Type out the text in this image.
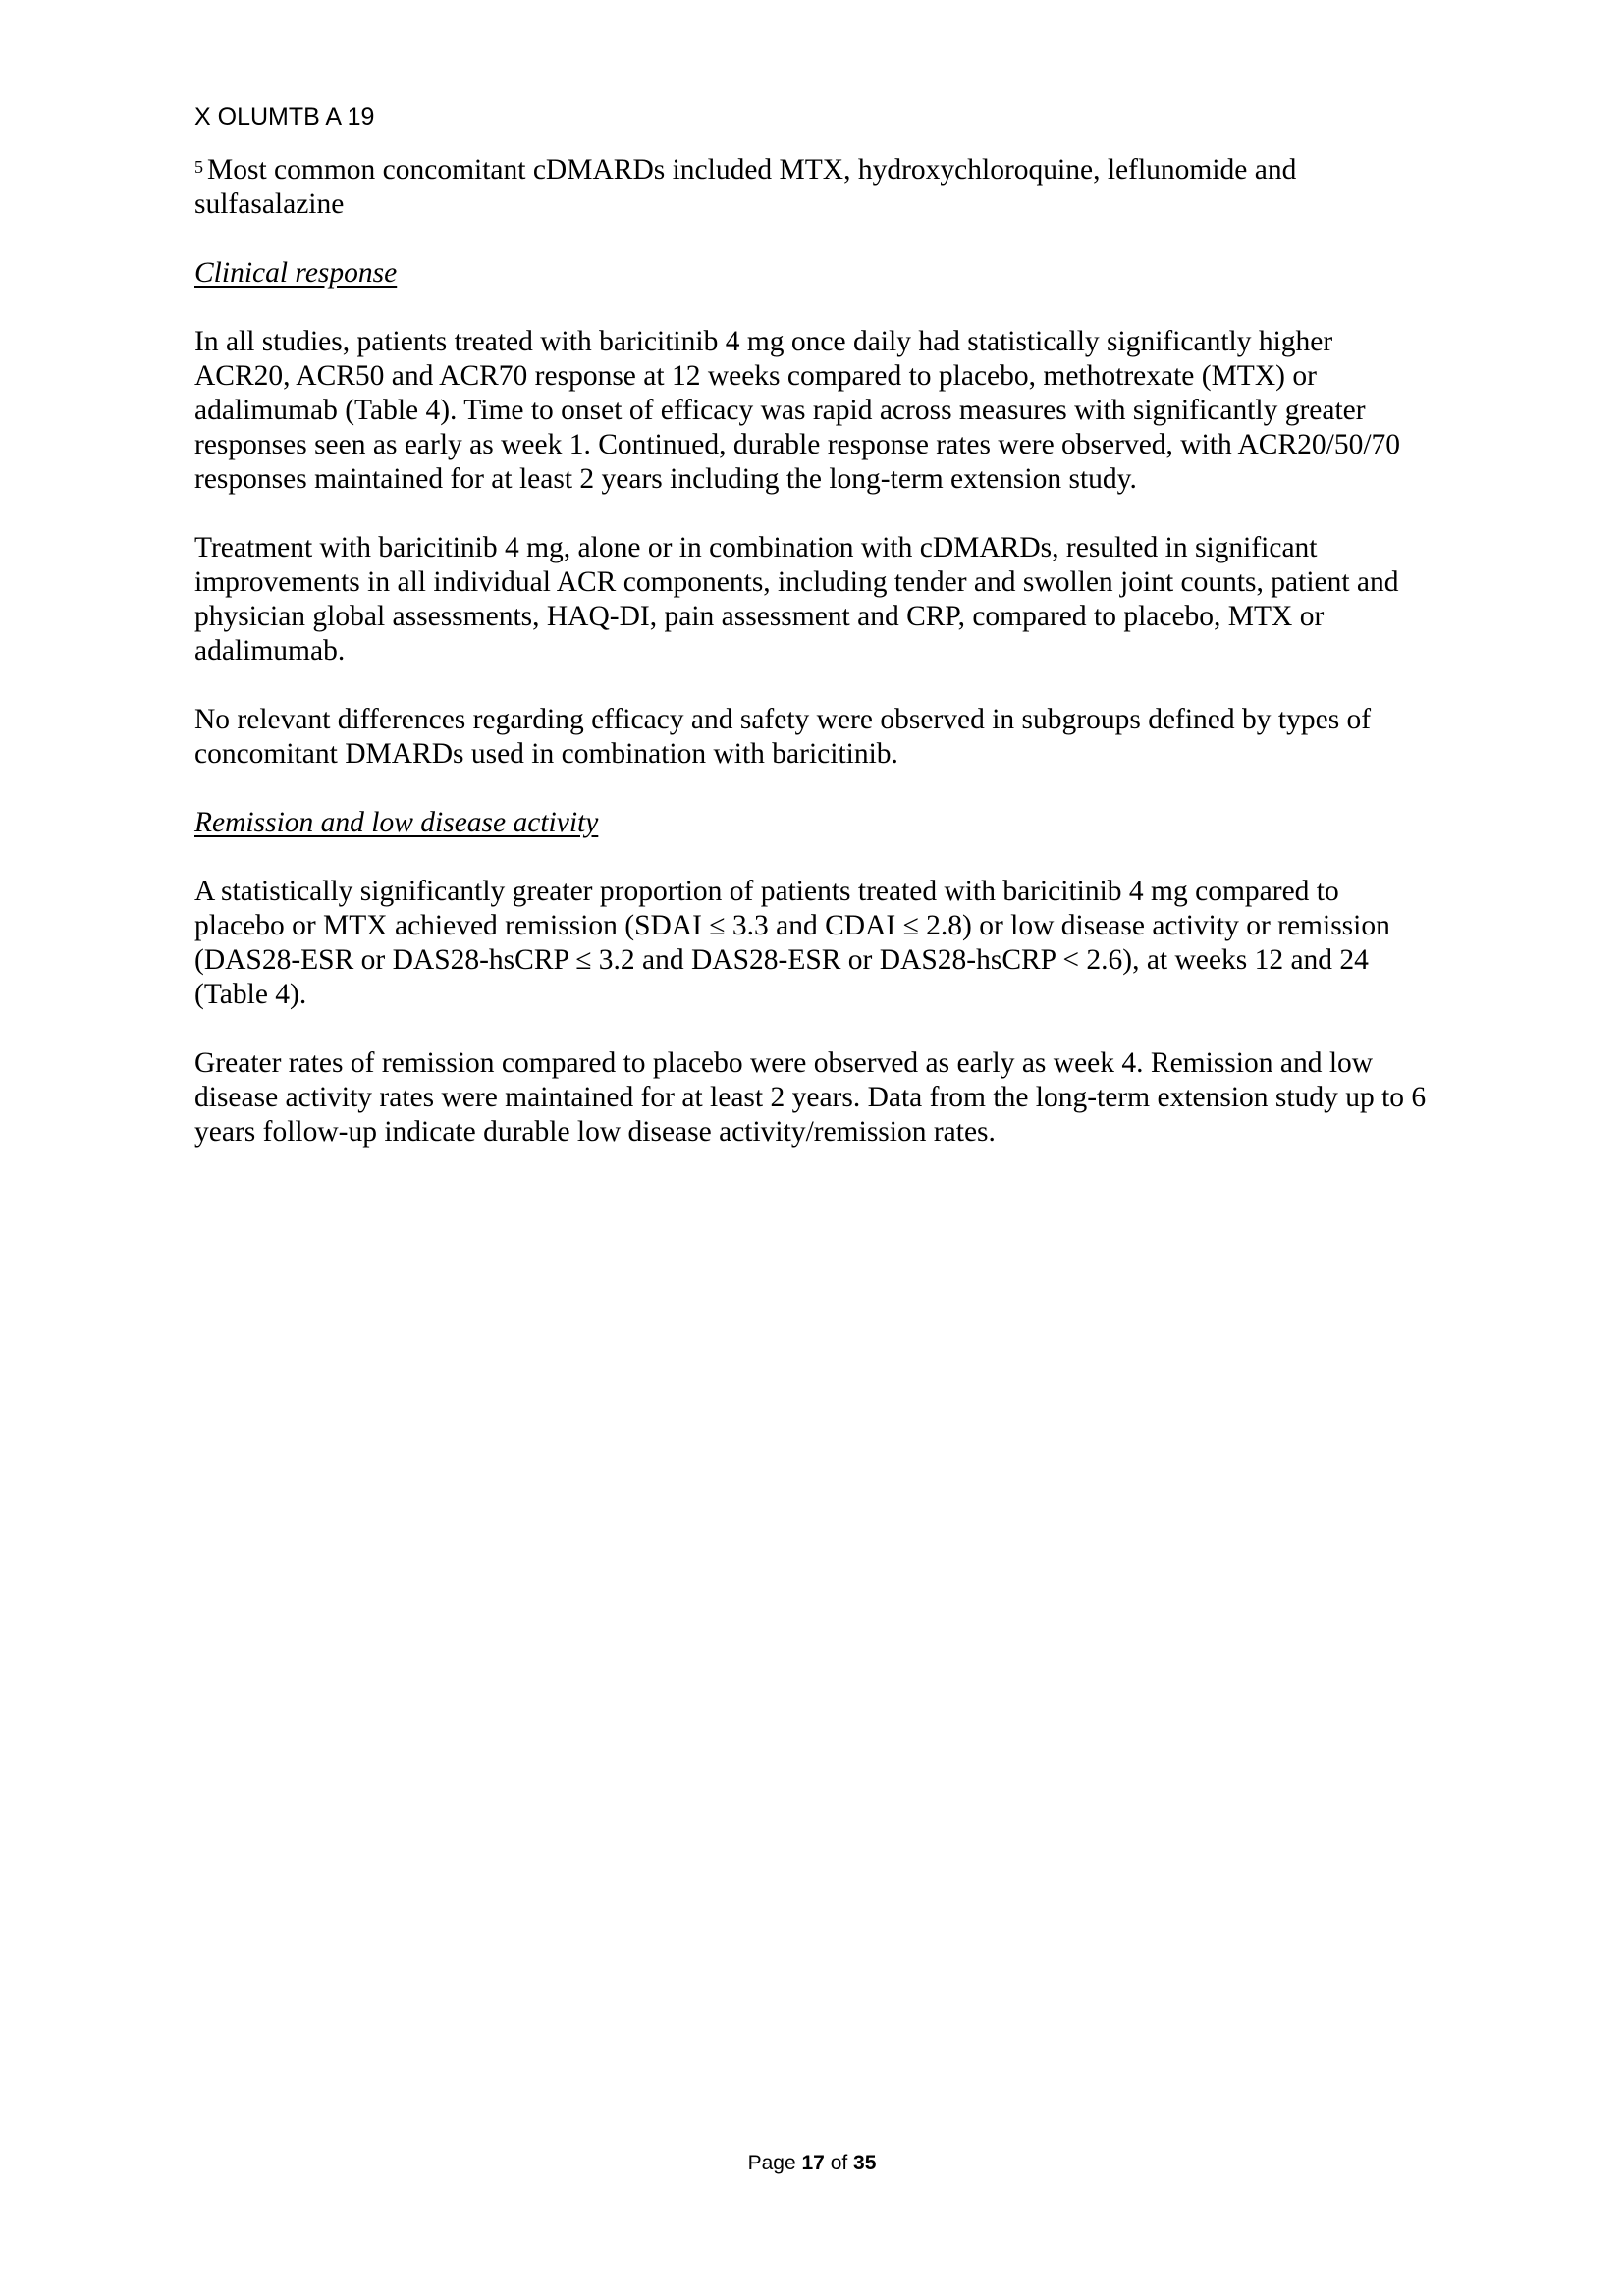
X OLUMTB A 19

$^5$ Most common concomitant cDMARDs included MTX, hydroxychloroquine, leflunomide and sulfasalazine

Clinical response

In all studies, patients treated with baricitinib 4 mg once daily had statistically significantly higher ACR20, ACR50 and ACR70 response at 12 weeks compared to placebo, methotrexate (MTX) or adalimumab (Table 4). Time to onset of efficacy was rapid across measures with significantly greater responses seen as early as week 1. Continued, durable response rates were observed, with ACR20/50/70 responses maintained for at least 2 years including the long-term extension study.

Treatment with baricitinib 4 mg, alone or in combination with cDMARDs, resulted in significant improvements in all individual ACR components, including tender and swollen joint counts, patient and physician global assessments, HAQ-DI, pain assessment and CRP, compared to placebo, MTX or adalimumab.

No relevant differences regarding efficacy and safety were observed in subgroups defined by types of concomitant DMARDs used in combination with baricitinib.

Remission and low disease activity

A statistically significantly greater proportion of patients treated with baricitinib 4 mg compared to placebo or MTX achieved remission (SDAI ≤ 3.3 and CDAI ≤ 2.8) or low disease activity or remission (DAS28-ESR or DAS28-hsCRP ≤ 3.2 and DAS28-ESR or DAS28-hsCRP < 2.6), at weeks 12 and 24 (Table 4).

Greater rates of remission compared to placebo were observed as early as week 4. Remission and low disease activity rates were maintained for at least 2 years. Data from the long-term extension study up to 6 years follow-up indicate durable low disease activity/remission rates.

Page 17 of 35
